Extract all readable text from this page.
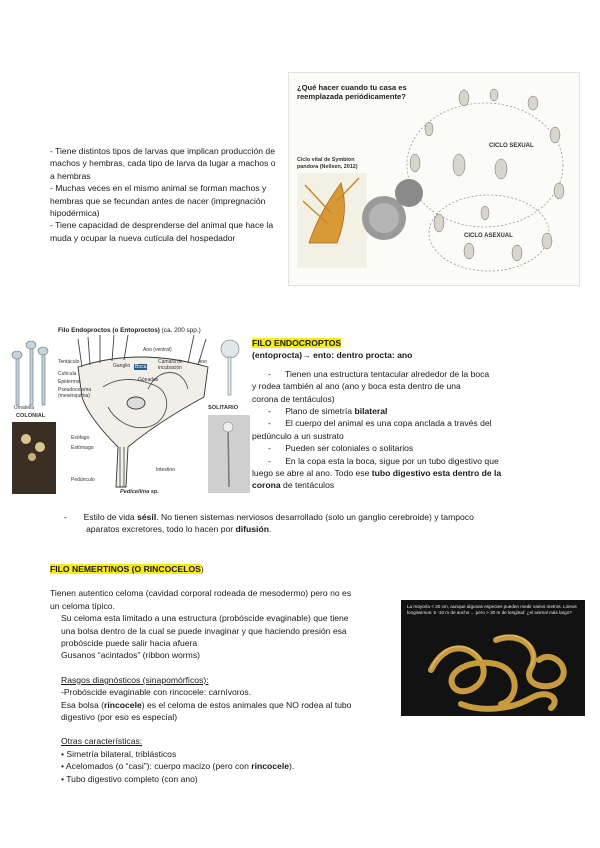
- Tiene distintos tipos de larvas que implican producción de machos y hembras, cada tipo de larva da lugar a machos o a hembras
- Muchas veces en el mismo animal se forman machos y hembras que se fecundan antes de nacer (impregnación hipodérmica)
- Tiene capacidad de desprenderse del animal que hace la muda y ocupar la nueva cutícula del hospedador
¿Qué hacer cuando tu casa es reemplazada periódicamente?
Ciclo vital de Symbion pandora (Neilsen, 2012)
CICLO SEXUAL
CICLO ASEXUAL
Filo Endoproctos (o Entoproctos) (ca. 200 spp.)
Tentáculo
Cutícula
Epidermis
Pseudoceloma (mesénquima)
Ganglio Boca
Ano (ventral)
Cámara de incubación
Gónadas
Ano
Esófago
Estómago
Intestino
Pedúnculo
Urnatella
COLONIAL
SOLITARIO
Pedicellina sp.
FILO ENDOCROPTOS
(entoprocta)→ ento: dentro procta: ano
-      Tienen una estructura tentacular alrededor de la boca
y rodea también al ano (ano y boca esta dentro de una
corona de tentáculos)
-      Plano de simetría bilateral
-      El cuerpo del animal es una copa anclada a través del
pedúnculo a un sustrato
-      Pueden ser coloniales o solitarios
-      En la copa esta la boca, sigue por un tubo digestivo que
luego se abre al ano. Todo ese tubo digestivo esta dentro de la
corona de tentáculos
-       Estilo de vida sésil. No tienen sistemas nerviosos desarrollado (solo un ganglio cerebroide) y tampoco
aparatos excretores, todo lo hacen por difusión.
FILO NEMERTINOS (O RINCOCELOS)
Tienen autentico celoma (cavidad corporal rodeada de mesodermo) pero no es
un celoma típico.
Su celoma esta limitado a una estructura (probóscide evaginable) que tiene
una bolsa dentro de la cual se puede invaginar y que haciendo presión esa
probóscide puede salir hacia afuera
Gusanos “acintados” (ribbon worms)
Rasgos diagnósticos (sinapomórficos):
-Probóscide evaginable con rincocele: carnívoros.
Esa bolsa (rincocele) es el celoma de estos animales que NO rodea al tubo
digestivo (por eso es especial)
Otras características:
• Simetría bilateral, triblásticos
• Acelomados (o “casi”): cuerpo macizo (pero con rincocele).
• Tubo digestivo completo (con ano)
La mayoría < 20 cm, aunque algunas especies pueden medir varios metros. Lineus longissimus: 5 -10 m de ancho ... pero > 30 m de longitud: ¿el animal más largo?
